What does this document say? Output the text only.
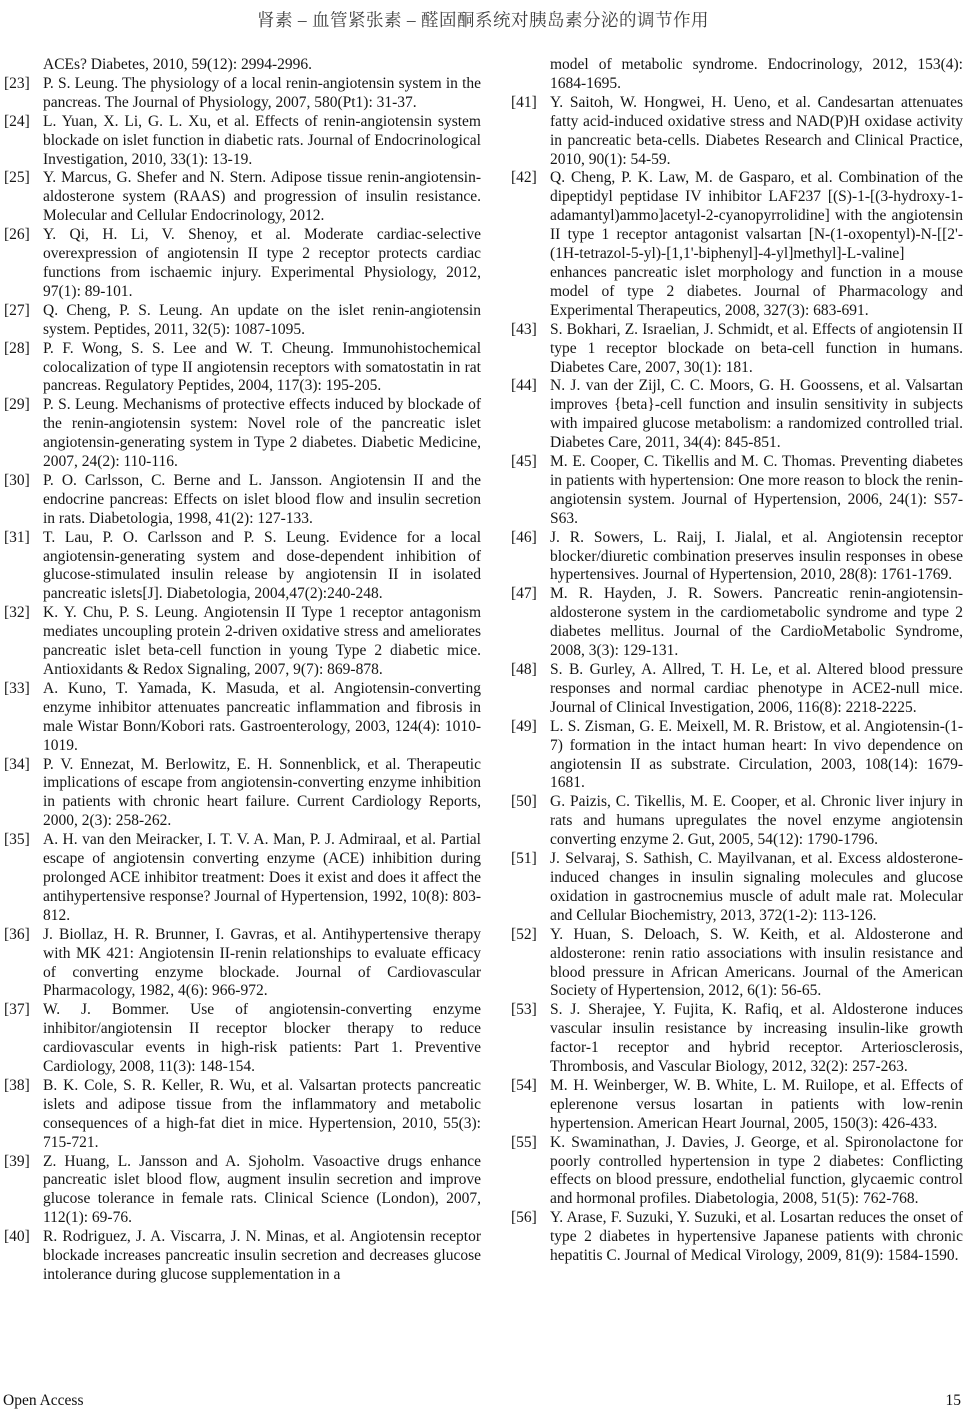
肾素 – 血管紧张素 – 醛固酮系统对胰岛素分泌的调节作用

ACEs? Diabetes, 2010, 59(12): 2994-2996.

[23] P. S. Leung. The physiology of a local renin-angiotensin system in the pancreas. The Journal of Physiology, 2007, 580(Pt1): 31-37.
[24] L. Yuan, X. Li, G. L. Xu, et al. Effects of renin-angiotensin system blockade on islet function in diabetic rats. Journal of Endocrinological Investigation, 2010, 33(1): 13-19.
[25] Y. Marcus, G. Shefer and N. Stern. Adipose tissue renin-angiotensin-aldosterone system (RAAS) and progression of insulin resistance. Molecular and Cellular Endocrinology, 2012.
[26] Y. Qi, H. Li, V. Shenoy, et al. Moderate cardiac-selective overexpression of angiotensin II type 2 receptor protects cardiac functions from ischaemic injury. Experimental Physiology, 2012, 97(1): 89-101.
[27] Q. Cheng, P. S. Leung. An update on the islet renin-angiotensin system. Peptides, 2011, 32(5): 1087-1095.
[28] P. F. Wong, S. S. Lee and W. T. Cheung. Immunohistochemical colocalization of type II angiotensin receptors with somatostatin in rat pancreas. Regulatory Peptides, 2004, 117(3): 195-205.
[29] P. S. Leung. Mechanisms of protective effects induced by blockade of the renin-angiotensin system: Novel role of the pancreatic islet angiotensin-generating system in Type 2 diabetes. Diabetic Medicine, 2007, 24(2): 110-116.
[30] P. O. Carlsson, C. Berne and L. Jansson. Angiotensin II and the endocrine pancreas: Effects on islet blood flow and insulin secretion in rats. Diabetologia, 1998, 41(2): 127-133.
[31] T. Lau, P. O. Carlsson and P. S. Leung. Evidence for a local angiotensin-generating system and dose-dependent inhibition of glucose-stimulated insulin release by angiotensin II in isolated pancreatic islets[J]. Diabetologia, 2004,47(2):240-248.
[32] K. Y. Chu, P. S. Leung. Angiotensin II Type 1 receptor antagonism mediates uncoupling protein 2-driven oxidative stress and ameliorates pancreatic islet beta-cell function in young Type 2 diabetic mice. Antioxidants & Redox Signaling, 2007, 9(7): 869-878.
[33] A. Kuno, T. Yamada, K. Masuda, et al. Angiotensin-converting enzyme inhibitor attenuates pancreatic inflammation and fibrosis in male Wistar Bonn/Kobori rats. Gastroenterology, 2003, 124(4): 1010-1019.
[34] P. V. Ennezat, M. Berlowitz, E. H. Sonnenblick, et al. Therapeutic implications of escape from angiotensin-converting enzyme inhibition in patients with chronic heart failure. Current Cardiology Reports, 2000, 2(3): 258-262.
[35] A. H. van den Meiracker, I. T. V. A. Man, P. J. Admiraal, et al. Partial escape of angiotensin converting enzyme (ACE) inhibition during prolonged ACE inhibitor treatment: Does it exist and does it affect the antihypertensive response? Journal of Hypertension, 1992, 10(8): 803-812.
[36] J. Biollaz, H. R. Brunner, I. Gavras, et al. Antihypertensive therapy with MK 421: Angiotensin II-renin relationships to evaluate efficacy of converting enzyme blockade. Journal of Cardiovascular Pharmacology, 1982, 4(6): 966-972.
[37] W. J. Bommer. Use of angiotensin-converting enzyme inhibitor/angiotensin II receptor blocker therapy to reduce cardiovascular events in high-risk patients: Part 1. Preventive Cardiology, 2008, 11(3): 148-154.
[38] B. K. Cole, S. R. Keller, R. Wu, et al. Valsartan protects pancreatic islets and adipose tissue from the inflammatory and metabolic consequences of a high-fat diet in mice. Hypertension, 2010, 55(3): 715-721.
[39] Z. Huang, L. Jansson and A. Sjoholm. Vasoactive drugs enhance pancreatic islet blood flow, augment insulin secretion and improve glucose tolerance in female rats. Clinical Science (London), 2007, 112(1): 69-76.
[40] R. Rodriguez, J. A. Viscarra, J. N. Minas, et al. Angiotensin receptor blockade increases pancreatic insulin secretion and decreases glucose intolerance during glucose supplementation in a

model of metabolic syndrome. Endocrinology, 2012, 153(4): 1684-1695.

[41] Y. Saitoh, W. Hongwei, H. Ueno, et al. Candesartan attenuates fatty acid-induced oxidative stress and NAD(P)H oxidase activity in pancreatic beta-cells. Diabetes Research and Clinical Practice, 2010, 90(1): 54-59.
[42] Q. Cheng, P. K. Law, M. de Gasparo, et al. Combination of the dipeptidyl peptidase IV inhibitor LAF237 [(S)-1-[(3-hydroxy-1-adamantyl)ammo]acetyl-2-cyanopyrrolidine] with the angiotensin II type 1 receptor antagonist valsartan [N-(1-oxopentyl)-N-[[2'-(1H-tetrazol-5-yl)-[1,1'-biphenyl]-4-yl]methyl]-L-valine] enhances pancreatic islet morphology and function in a mouse model of type 2 diabetes. Journal of Pharmacology and Experimental Therapeutics, 2008, 327(3): 683-691.
[43] S. Bokhari, Z. Israelian, J. Schmidt, et al. Effects of angiotensin II type 1 receptor blockade on beta-cell function in humans. Diabetes Care, 2007, 30(1): 181.
[44] N. J. van der Zijl, C. C. Moors, G. H. Goossens, et al. Valsartan improves {beta}-cell function and insulin sensitivity in subjects with impaired glucose metabolism: a randomized controlled trial. Diabetes Care, 2011, 34(4): 845-851.
[45] M. E. Cooper, C. Tikellis and M. C. Thomas. Preventing diabetes in patients with hypertension: One more reason to block the renin-angiotensin system. Journal of Hypertension, 2006, 24(1): S57-S63.
[46] J. R. Sowers, L. Raij, I. Jialal, et al. Angiotensin receptor blocker/diuretic combination preserves insulin responses in obese hypertensives. Journal of Hypertension, 2010, 28(8): 1761-1769.
[47] M. R. Hayden, J. R. Sowers. Pancreatic renin-angiotensin-aldosterone system in the cardiometabolic syndrome and type 2 diabetes mellitus. Journal of the CardioMetabolic Syndrome, 2008, 3(3): 129-131.
[48] S. B. Gurley, A. Allred, T. H. Le, et al. Altered blood pressure responses and normal cardiac phenotype in ACE2-null mice. Journal of Clinical Investigation, 2006, 116(8): 2218-2225.
[49] L. S. Zisman, G. E. Meixell, M. R. Bristow, et al. Angiotensin-(1-7) formation in the intact human heart: In vivo dependence on angiotensin II as substrate. Circulation, 2003, 108(14): 1679-1681.
[50] G. Paizis, C. Tikellis, M. E. Cooper, et al. Chronic liver injury in rats and humans upregulates the novel enzyme angiotensin converting enzyme 2. Gut, 2005, 54(12): 1790-1796.
[51] J. Selvaraj, S. Sathish, C. Mayilvanan, et al. Excess aldosterone-induced changes in insulin signaling molecules and glucose oxidation in gastrocnemius muscle of adult male rat. Molecular and Cellular Biochemistry, 2013, 372(1-2): 113-126.
[52] Y. Huan, S. Deloach, S. W. Keith, et al. Aldosterone and aldosterone: renin ratio associations with insulin resistance and blood pressure in African Americans. Journal of the American Society of Hypertension, 2012, 6(1): 56-65.
[53] S. J. Sherajee, Y. Fujita, K. Rafiq, et al. Aldosterone induces vascular insulin resistance by increasing insulin-like growth factor-1 receptor and hybrid receptor. Arteriosclerosis, Thrombosis, and Vascular Biology, 2012, 32(2): 257-263.
[54] M. H. Weinberger, W. B. White, L. M. Ruilope, et al. Effects of eplerenone versus losartan in patients with low-renin hypertension. American Heart Journal, 2005, 150(3): 426-433.
[55] K. Swaminathan, J. Davies, J. George, et al. Spironolactone for poorly controlled hypertension in type 2 diabetes: Conflicting effects on blood pressure, endothelial function, glycaemic control and hormonal profiles. Diabetologia, 2008, 51(5): 762-768.
[56] Y. Arase, F. Suzuki, Y. Suzuki, et al. Losartan reduces the onset of type 2 diabetes in hypertensive Japanese patients with chronic hepatitis C. Journal of Medical Virology, 2009, 81(9): 1584-1590.
Open Access	15
